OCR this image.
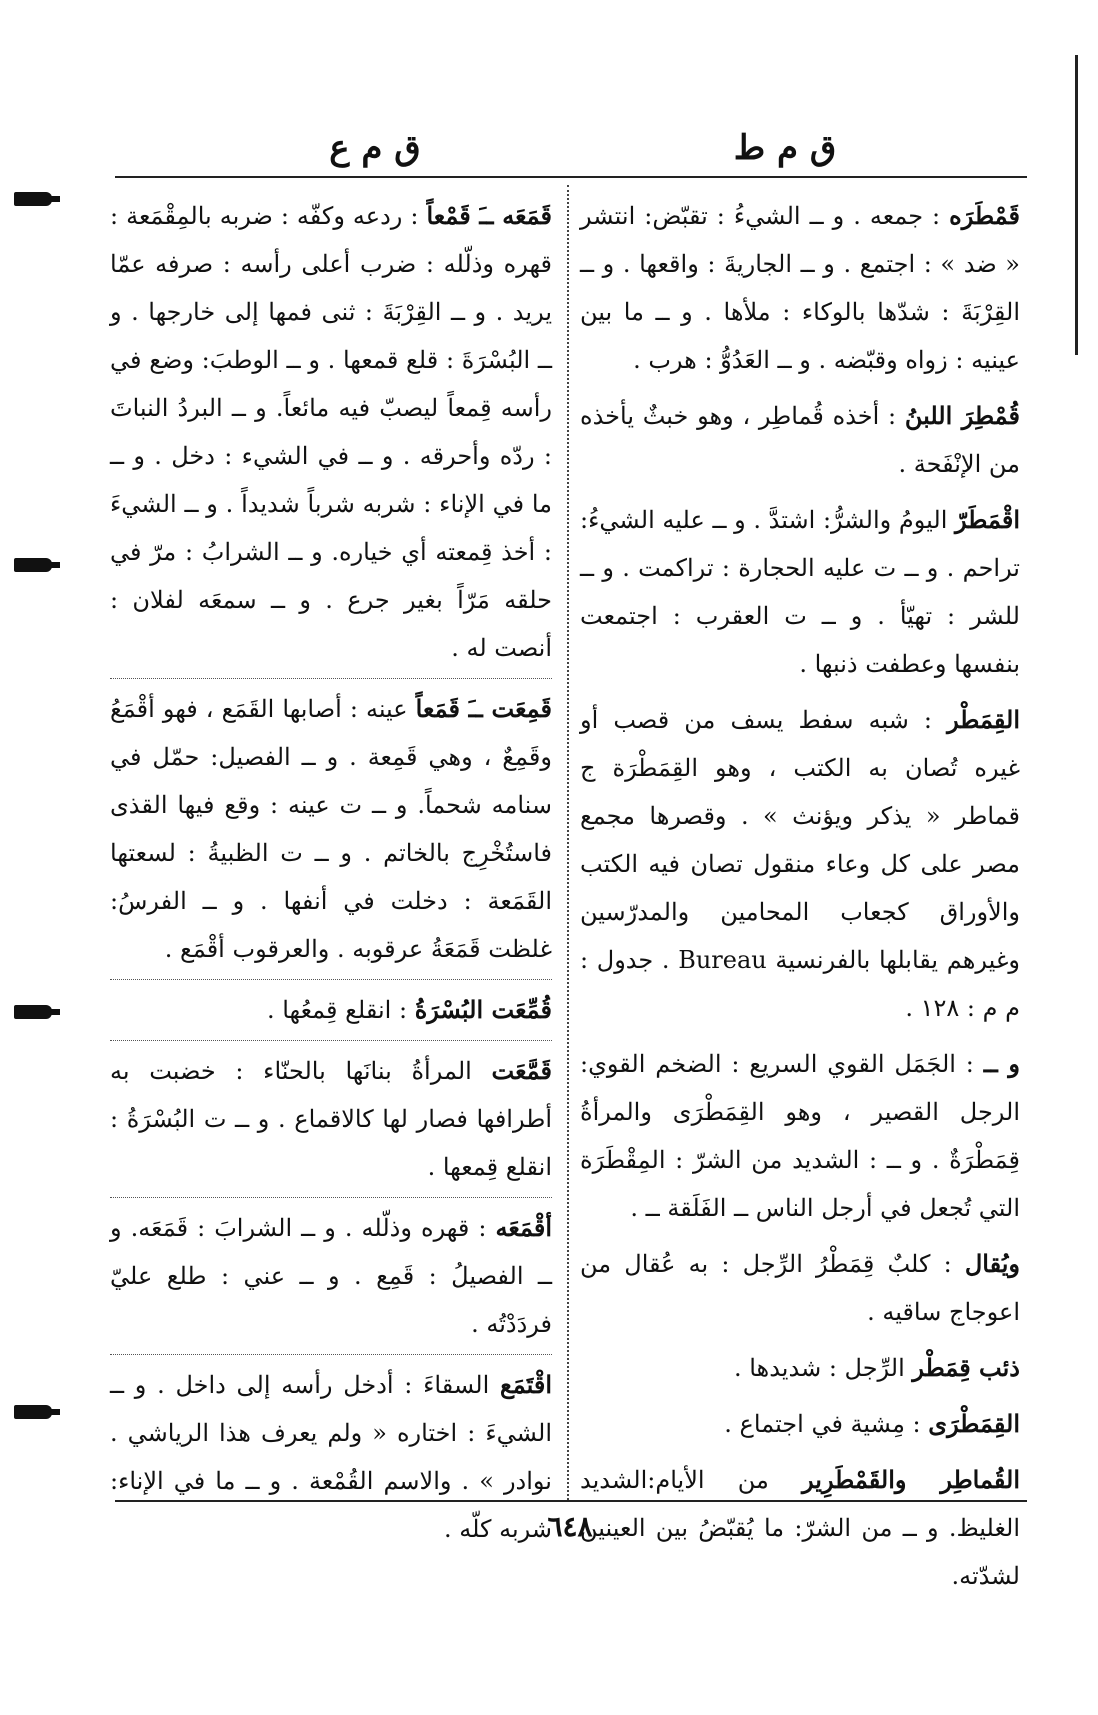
ق م ط
ق م ع

قَمْطَرَه : جمعه . و ــ الشيءُ : تقبّض: انتشر « ضد » : اجتمع . و ــ الجاريةَ : واقعها . و ــ القِرْبَةَ : شدّها بالوكاء : ملأها . و ــ ما بين عينيه : زواه وقبّضه . و ــ العَدُوُّ : هرب .

قُمْطِرَ اللبنُ : أخذه قُماطِر ، وهو خبثٌ يأخذه من الإنْفَحة .

اقْمَطَرّ اليومُ والشرُّ: اشتدَّ . و ــ عليه الشيءُ: تراحم . و ــ ت عليه الحجارة : تراكمت . و ــ للشر : تهيّأ . و ــ ت العقرب : اجتمعت بنفسها وعطفت ذنبها .

القِمَطْر : شبه سفط يسف من قصب أو غيره تُصان به الكتب ، وهو القِمَطْرَة ج قماطر « يذكر ويؤنث » . وقصرها مجمع مصر على كل وعاء منقول تصان فيه الكتب والأوراق كجعاب المحامين والمدرّسين وغيرهم يقابلها بالفرنسية Bureau . جدول : م م : ١٢٨ .

و ــ : الجَمَل القوي السريع : الضخم القوي: الرجل القصير ، وهو القِمَطْرَى والمرأةُ قِمَطْرَةٌ . و ــ : الشديد من الشرّ : المِقْطَرَة التي تُجعل في أرجل الناس ــ الفَلَقة ــ .

ويُقال : كلبٌ قِمَطْرُ الرِّجل : به عُقال من اعوجاج ساقيه .

ذئب قِمَطْر الرِّجل : شديدها .

القِمَطْرَى : مِشية في اجتماع .

القُماطِر والقَمْطَرِير من الأيام:الشديد الغليظ. و ــ من الشرّ: ما يُقبّضُ بين العينين لشدّته.

قَمَعَه ــَ قَمْعاً : ردعه وكفّه : ضربه بالمِقْمَعة : قهره وذلّله : ضرب أعلى رأسه : صرفه عمّا يريد . و ــ القِرْبَةَ : ثنى فمها إلى خارجها . و ــ البُسْرَةَ : قلع قمعها . و ــ الوطبَ: وضع في رأسه قِمعاً ليصبّ فيه مائعاً. و ــ البردُ النباتَ : ردّه وأحرقه . و ــ في الشيء : دخل . و ــ ما في الإناء : شربه شرباً شديداً . و ــ الشيءَ : أخذ قِمعته أي خياره. و ــ الشرابُ : مرّ في حلقه مَرّاً بغير جرع . و ــ سمعَه لفلان : أنصت له .

قَمِعَت ــَ قَمَعاً عينه : أصابها القَمَع ، فهو أقْمَعُ وقَمِعٌ ، وهي قَمِعة . و ــ الفصيل: حمّل في سنامه شحماً. و ــ ت عينه : وقع فيها القذى فاستُخْرِج بالخاتم . و ــ ت الظبيةُ : لسعتها القَمَعة : دخلت في أنفها . و ــ الفرسُ: غلظت قَمَعَةُ عرقوبه . والعرقوب أقْمَع .

قُمِّعَت البُسْرَةُ : انقلع قِمعُها .

قَمَّعَت المرأةُ بنانَها بالحنّاء : خضبت به أطرافها فصار لها كالاقماع . و ــ ت البُسْرَةُ : انقلع قِمعها .

أقْمَعَه : قهره وذلّله . و ــ الشرابَ : قَمَعَه. و ــ الفصيلُ : قَمِع . و ــ عني : طلع عليّ فردَدْتُه .

اقْتَمَع السقاءَ : أدخل رأسه إلى داخل . و ــ الشيءَ : اختاره « ولم يعرف هذا الرياشي . نوادر » . والاسم القُمْعة . و ــ ما في الإناء: شربه كلّه .

٦٤٨
